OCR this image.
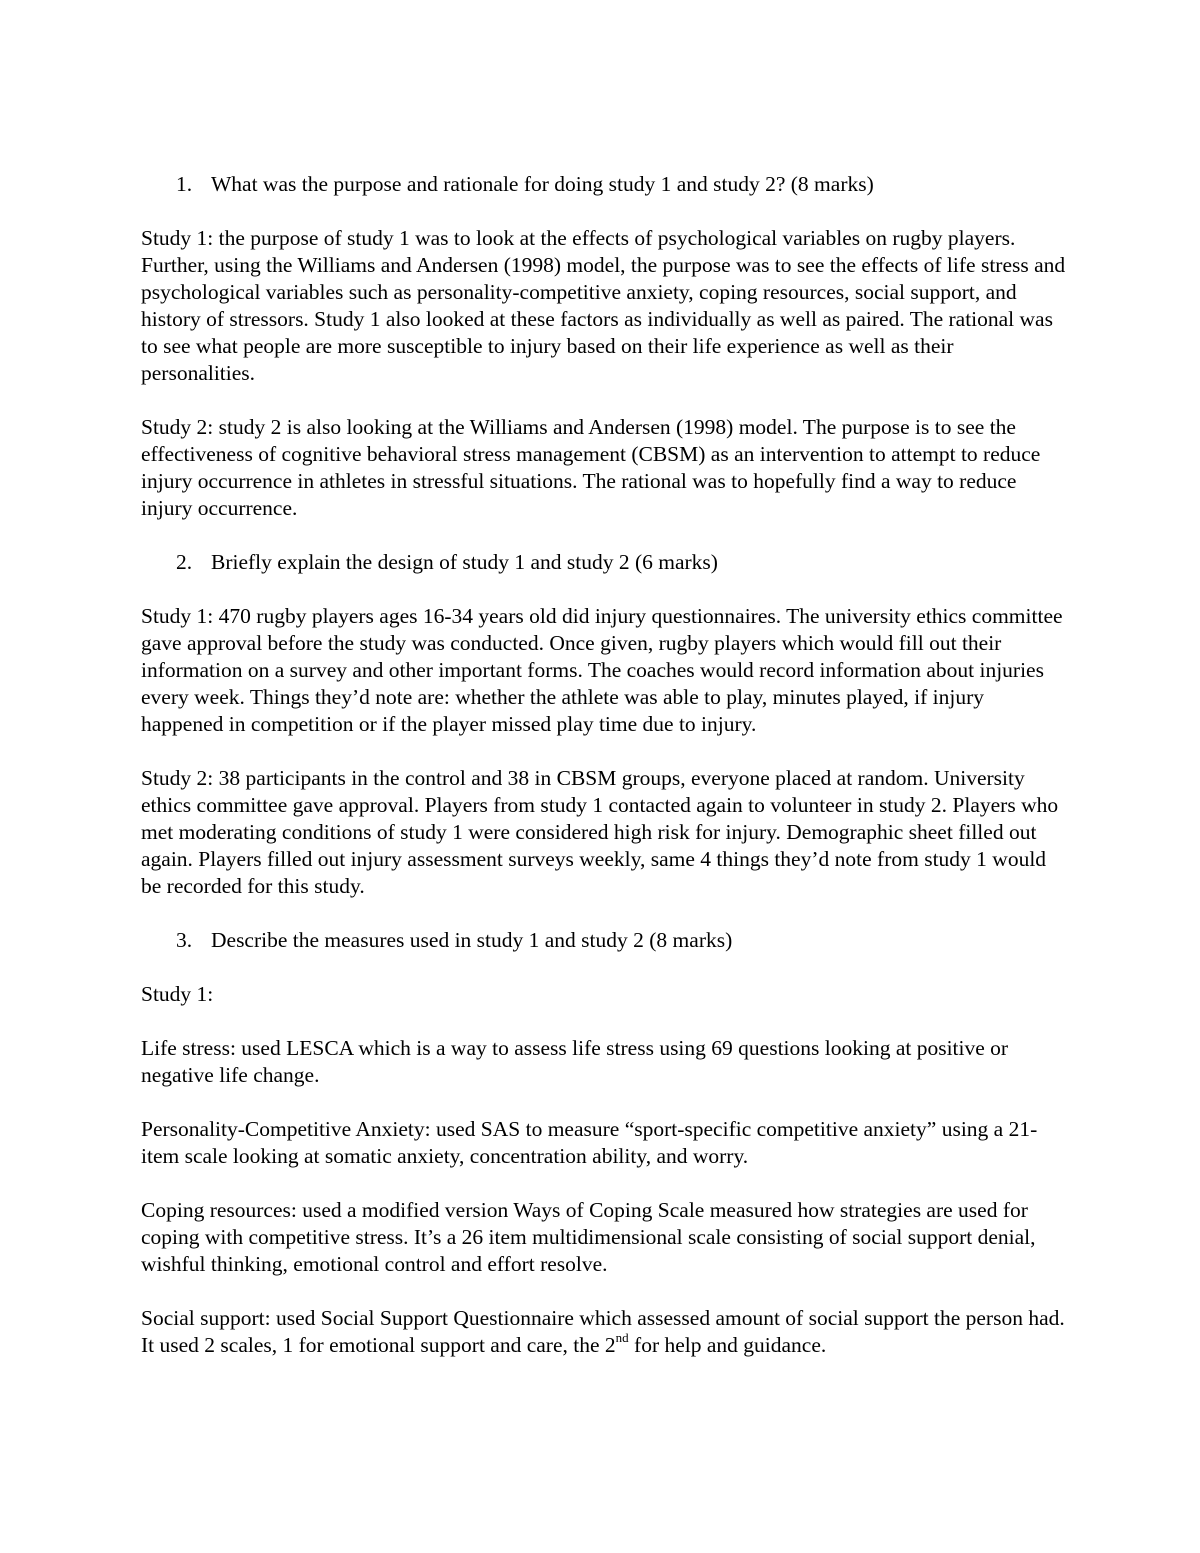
1. What was the purpose and rationale for doing study 1 and study 2? (8 marks)

Study 1: the purpose of study 1 was to look at the effects of psychological variables on rugby players. Further, using the Williams and Andersen (1998) model, the purpose was to see the effects of life stress and psychological variables such as personality-competitive anxiety, coping resources, social support, and history of stressors. Study 1 also looked at these factors as individually as well as paired. The rational was to see what people are more susceptible to injury based on their life experience as well as their personalities.

Study 2: study 2 is also looking at the Williams and Andersen (1998) model. The purpose is to see the effectiveness of cognitive behavioral stress management (CBSM) as an intervention to attempt to reduce injury occurrence in athletes in stressful situations. The rational was to hopefully find a way to reduce injury occurrence.

2. Briefly explain the design of study 1 and study 2 (6 marks)

Study 1: 470 rugby players ages 16-34 years old did injury questionnaires. The university ethics committee gave approval before the study was conducted. Once given, rugby players which would fill out their information on a survey and other important forms. The coaches would record information about injuries every week. Things they’d note are: whether the athlete was able to play, minutes played, if injury happened in competition or if the player missed play time due to injury.

Study 2: 38 participants in the control and 38 in CBSM groups, everyone placed at random. University ethics committee gave approval. Players from study 1 contacted again to volunteer in study 2. Players who met moderating conditions of study 1 were considered high risk for injury. Demographic sheet filled out again. Players filled out injury assessment surveys weekly, same 4 things they’d note from study 1 would be recorded for this study.

3. Describe the measures used in study 1 and study 2 (8 marks)

Study 1:

Life stress: used LESCA which is a way to assess life stress using 69 questions looking at positive or negative life change.

Personality-Competitive Anxiety: used SAS to measure “sport-specific competitive anxiety” using a 21-item scale looking at somatic anxiety, concentration ability, and worry.

Coping resources: used a modified version Ways of Coping Scale measured how strategies are used for coping with competitive stress. It’s a 26 item multidimensional scale consisting of social support denial, wishful thinking, emotional control and effort resolve.

Social support: used Social Support Questionnaire which assessed amount of social support the person had. It used 2 scales, 1 for emotional support and care, the 2nd for help and guidance.
